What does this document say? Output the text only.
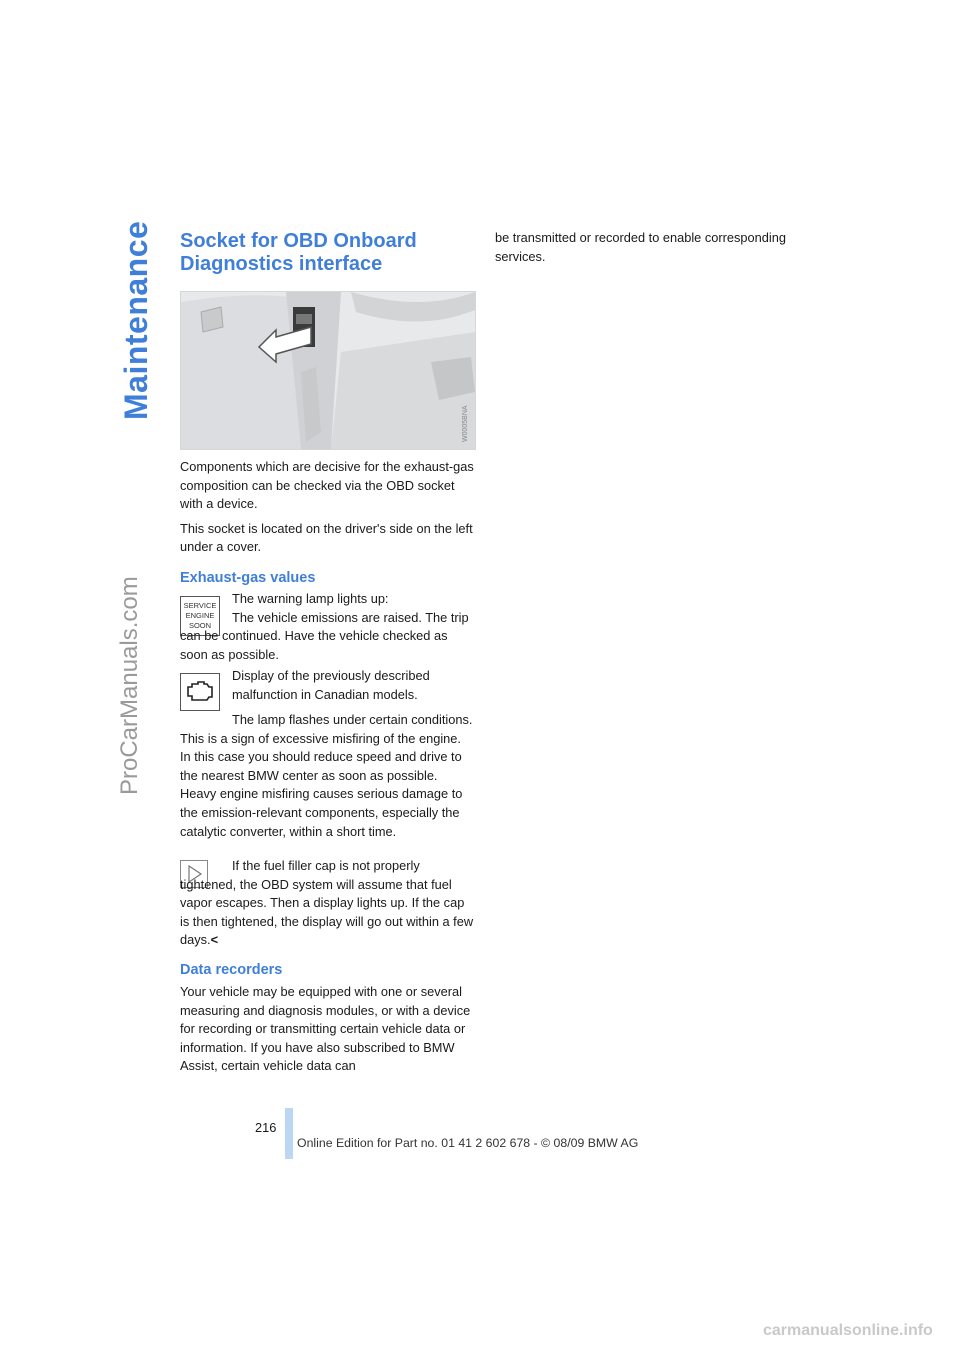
Maintenance
ProCarManuals.com
Socket for OBD Onboard Diagnostics interface
W0005BNA

Components which are decisive for the exhaust-gas composition can be checked via the OBD socket with a device.

This socket is located on the driver's side on the left under a cover.

Exhaust-gas values
SERVICE
ENGINE
SOON

The warning lamp lights up:

The vehicle emissions are raised. The trip can be continued. Have the vehicle checked as soon as possible.

Display of the previously described malfunction in Canadian models.

The lamp flashes under certain conditions. This is a sign of excessive misfiring of the engine. In this case you should reduce speed and drive to the nearest BMW center as soon as possible. Heavy engine misfiring causes serious damage to the emission-relevant components, especially the catalytic converter, within a short time.

If the fuel filler cap is not properly tightened, the OBD system will assume that fuel vapor escapes. Then a display lights up. If the cap is then tightened, the display will go out within a few days.<

Data recorders

Your vehicle may be equipped with one or several measuring and diagnosis modules, or with a device for recording or transmitting certain vehicle data or information. If you have also subscribed to BMW Assist, certain vehicle data can

be transmitted or recorded to enable corresponding services.

216
Online Edition for Part no. 01 41 2 602 678 - © 08/09 BMW AG
carmanualsonline.info
